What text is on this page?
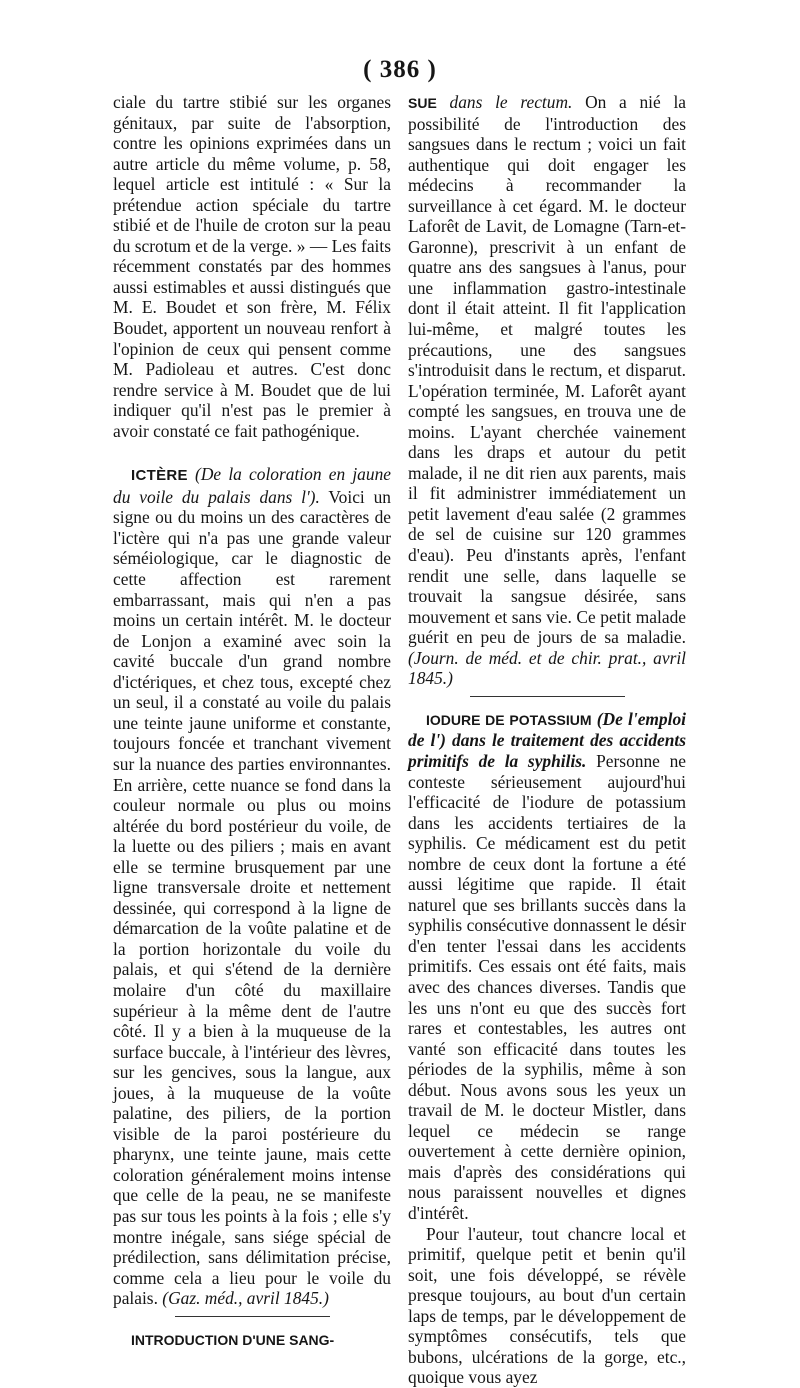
( 386 )

ciale du tartre stibié sur les organes génitaux, par suite de l'absorption, contre les opinions exprimées dans un autre article du même volume, p. 58, lequel article est intitulé : « Sur la prétendue action spéciale du tartre stibié et de l'huile de croton sur la peau du scrotum et de la verge. » — Les faits récemment constatés par des hommes aussi estimables et aussi distingués que M. E. Boudet et son frère, M. Félix Boudet, apportent un nouveau renfort à l'opinion de ceux qui pensent comme M. Padioleau et autres. C'est donc rendre service à M. Boudet que de lui indiquer qu'il n'est pas le premier à avoir constaté ce fait pathogénique.

ICTÈRE (De la coloration en jaune du voile du palais dans l'). Voici un signe ou du moins un des caractères de l'ictère qui n'a pas une grande valeur séméiologique, car le diagnostic de cette affection est rarement embarrassant, mais qui n'en a pas moins un certain intérêt. M. le docteur de Lonjon a examiné avec soin la cavité buccale d'un grand nombre d'ictériques, et chez tous, excepté chez un seul, il a constaté au voile du palais une teinte jaune uniforme et constante, toujours foncée et tranchant vivement sur la nuance des parties environnantes. En arrière, cette nuance se fond dans la couleur normale ou plus ou moins altérée du bord postérieur du voile, de la luette ou des piliers ; mais en avant elle se termine brusquement par une ligne transversale droite et nettement dessinée, qui correspond à la ligne de démarcation de la voûte palatine et de la portion horizontale du voile du palais, et qui s'étend de la dernière molaire d'un côté du maxillaire supérieur à la même dent de l'autre côté. Il y a bien à la muqueuse de la surface buccale, à l'intérieur des lèvres, sur les gencives, sous la langue, aux joues, à la muqueuse de la voûte palatine, des piliers, de la portion visible de la paroi postérieure du pharynx, une teinte jaune, mais cette coloration généralement moins intense que celle de la peau, ne se manifeste pas sur tous les points à la fois ; elle s'y montre inégale, sans siége spécial de prédilection, sans délimitation précise, comme cela a lieu pour le voile du palais. (Gaz. méd., avril 1845.)

INTRODUCTION D'UNE SANG-

SUE dans le rectum. On a nié la possibilité de l'introduction des sangsues dans le rectum ; voici un fait authentique qui doit engager les médecins à recommander la surveillance à cet égard. M. le docteur Laforêt de Lavit, de Lomagne (Tarn-et-Garonne), prescrivit à un enfant de quatre ans des sangsues à l'anus, pour une inflammation gastro-intestinale dont il était atteint. Il fit l'application lui-même, et malgré toutes les précautions, une des sangsues s'introduisit dans le rectum, et disparut. L'opération terminée, M. Laforêt ayant compté les sangsues, en trouva une de moins. L'ayant cherchée vainement dans les draps et autour du petit malade, il ne dit rien aux parents, mais il fit administrer immédiatement un petit lavement d'eau salée (2 grammes de sel de cuisine sur 120 grammes d'eau). Peu d'instants après, l'enfant rendit une selle, dans laquelle se trouvait la sangsue désirée, sans mouvement et sans vie. Ce petit malade guérit en peu de jours de sa maladie. (Journ. de méd. et de chir. prat., avril 1845.)

IODURE DE POTASSIUM (De l'emploi de l') dans le traitement des accidents primitifs de la syphilis. Personne ne conteste sérieusement aujourd'hui l'efficacité de l'iodure de potassium dans les accidents tertiaires de la syphilis. Ce médicament est du petit nombre de ceux dont la fortune a été aussi légitime que rapide. Il était naturel que ses brillants succès dans la syphilis consécutive donnassent le désir d'en tenter l'essai dans les accidents primitifs. Ces essais ont été faits, mais avec des chances diverses. Tandis que les uns n'ont eu que des succès fort rares et contestables, les autres ont vanté son efficacité dans toutes les périodes de la syphilis, même à son début. Nous avons sous les yeux un travail de M. le docteur Mistler, dans lequel ce médecin se range ouvertement à cette dernière opinion, mais d'après des considérations qui nous paraissent nouvelles et dignes d'intérêt.

Pour l'auteur, tout chancre local et primitif, quelque petit et benin qu'il soit, une fois développé, se révèle presque toujours, au bout d'un certain laps de temps, par le développement de symptômes consécutifs, tels que bubons, ulcérations de la gorge, etc., quoique vous ayez
